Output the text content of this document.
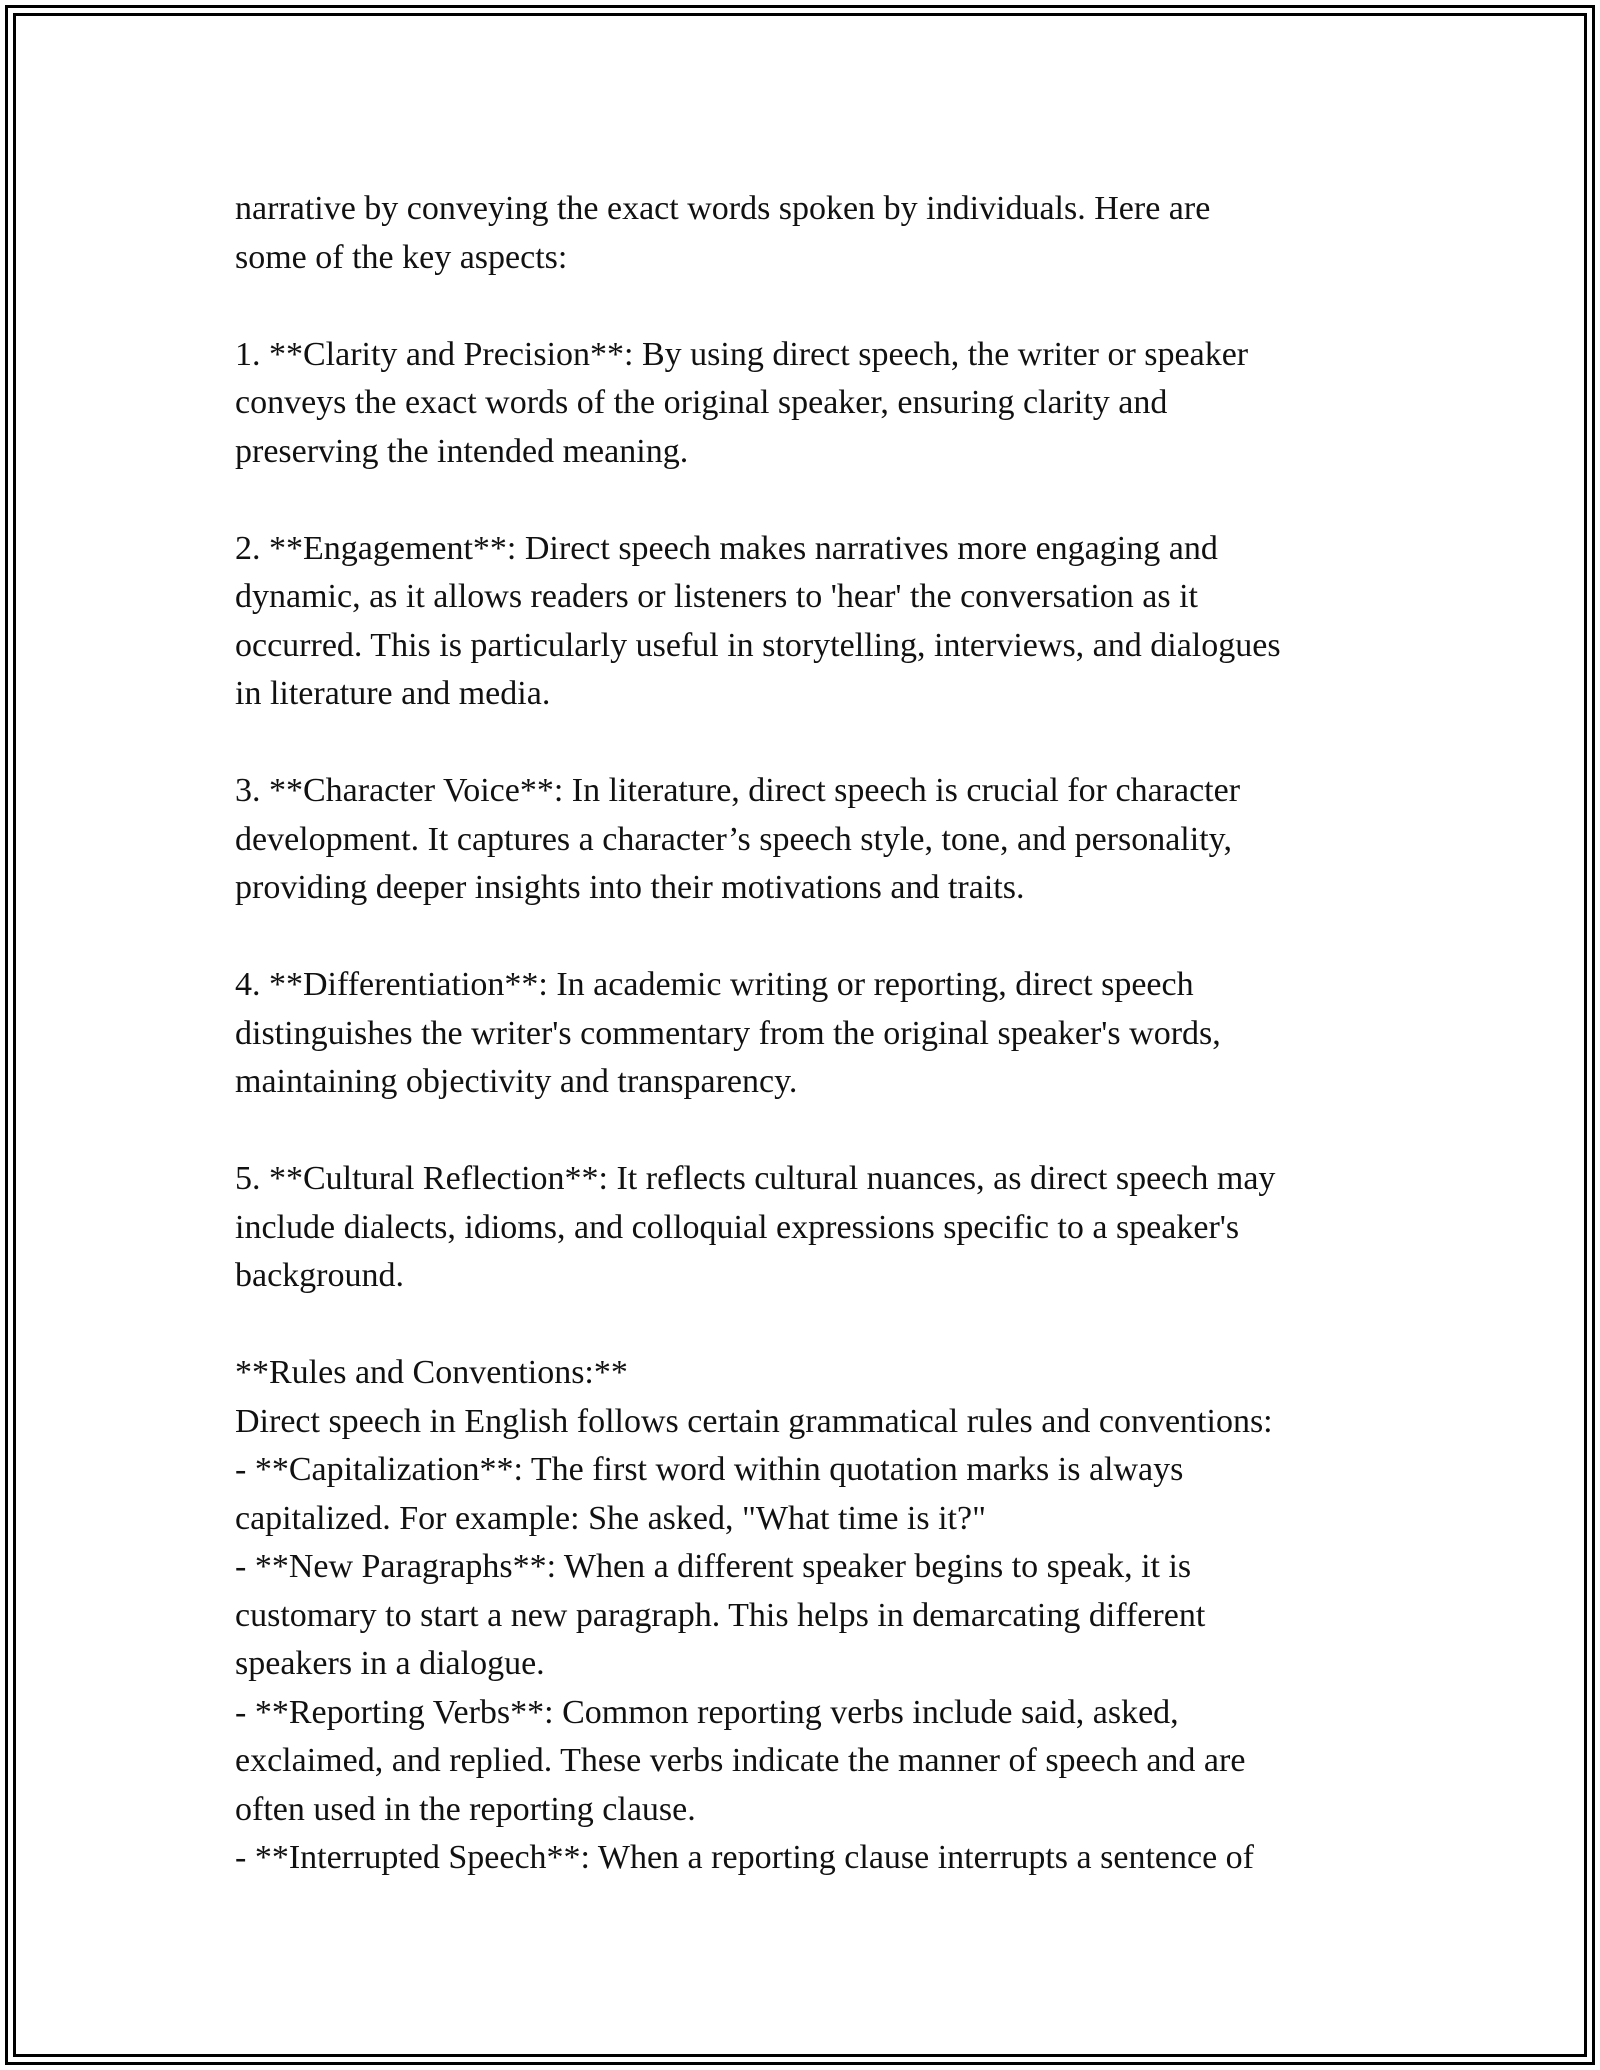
narrative by conveying the exact words spoken by individuals. Here are
some of the key aspects:

1. **Clarity and Precision**: By using direct speech, the writer or speaker
conveys the exact words of the original speaker, ensuring clarity and
preserving the intended meaning.

2. **Engagement**: Direct speech makes narratives more engaging and
dynamic, as it allows readers or listeners to 'hear' the conversation as it
occurred. This is particularly useful in storytelling, interviews, and dialogues
in literature and media.

3. **Character Voice**: In literature, direct speech is crucial for character
development. It captures a character’s speech style, tone, and personality,
providing deeper insights into their motivations and traits.

4. **Differentiation**: In academic writing or reporting, direct speech
distinguishes the writer's commentary from the original speaker's words,
maintaining objectivity and transparency.

5. **Cultural Reflection**: It reflects cultural nuances, as direct speech may
include dialects, idioms, and colloquial expressions specific to a speaker's
background.

**Rules and Conventions:**

Direct speech in English follows certain grammatical rules and conventions:

- **Capitalization**: The first word within quotation marks is always
capitalized. For example: She asked, "What time is it?"

- **New Paragraphs**: When a different speaker begins to speak, it is
customary to start a new paragraph. This helps in demarcating different
speakers in a dialogue.

- **Reporting Verbs**: Common reporting verbs include said, asked,
exclaimed, and replied. These verbs indicate the manner of speech and are
often used in the reporting clause.

- **Interrupted Speech**: When a reporting clause interrupts a sentence of
